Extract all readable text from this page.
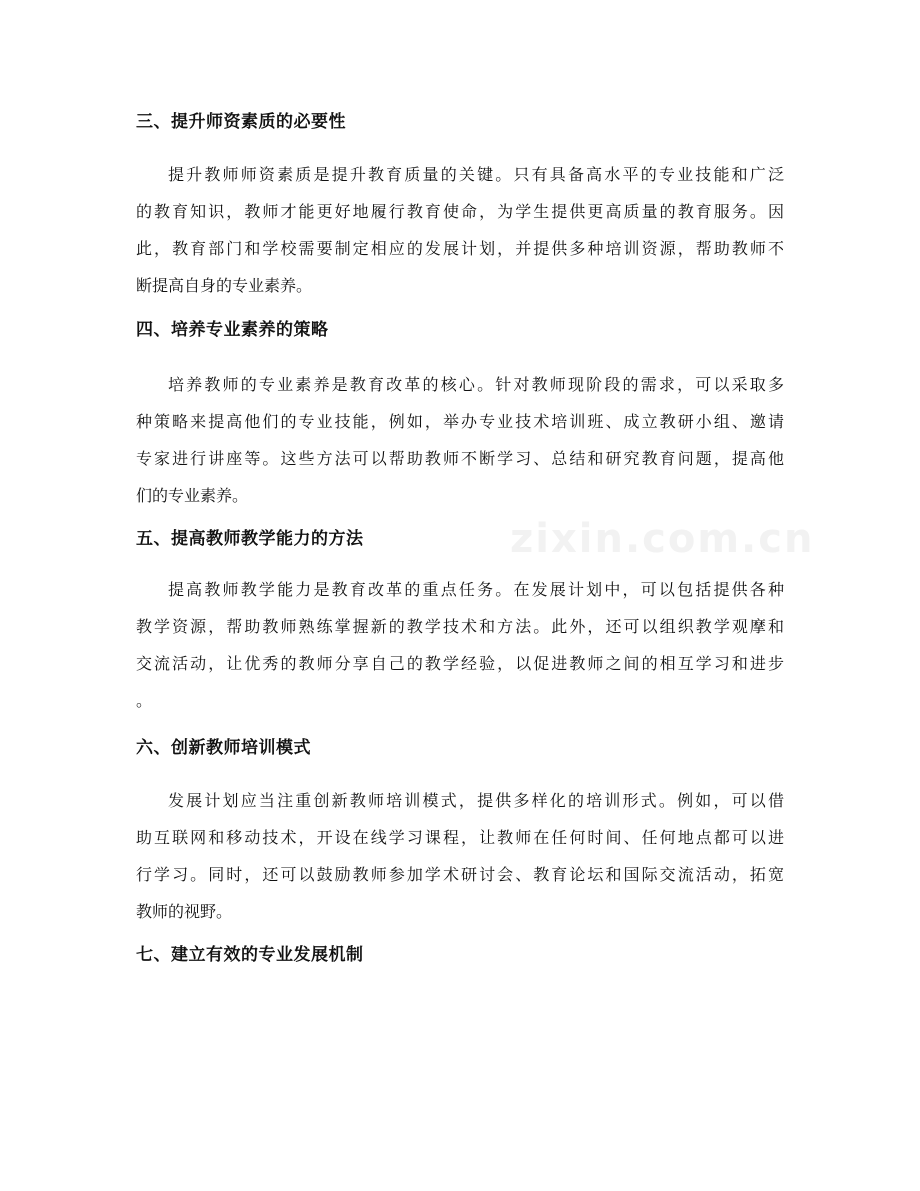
zixin.com.cn
三、提升师资素质的必要性
提升教师师资素质是提升教育质量的关键。只有具备高水平的专业技能和广泛
的教育知识，教师才能更好地履行教育使命，为学生提供更高质量的教育服务。因
此，教育部门和学校需要制定相应的发展计划，并提供多种培训资源，帮助教师不
断提高自身的专业素养。
四、培养专业素养的策略
培养教师的专业素养是教育改革的核心。针对教师现阶段的需求，可以采取多
种策略来提高他们的专业技能，例如，举办专业技术培训班、成立教研小组、邀请
专家进行讲座等。这些方法可以帮助教师不断学习、总结和研究教育问题，提高他
们的专业素养。
五、提高教师教学能力的方法
提高教师教学能力是教育改革的重点任务。在发展计划中，可以包括提供各种
教学资源，帮助教师熟练掌握新的教学技术和方法。此外，还可以组织教学观摩和
交流活动，让优秀的教师分享自己的教学经验，以促进教师之间的相互学习和进步
。
六、创新教师培训模式
发展计划应当注重创新教师培训模式，提供多样化的培训形式。例如，可以借
助互联网和移动技术，开设在线学习课程，让教师在任何时间、任何地点都可以进
行学习。同时，还可以鼓励教师参加学术研讨会、教育论坛和国际交流活动，拓宽
教师的视野。
七、建立有效的专业发展机制
